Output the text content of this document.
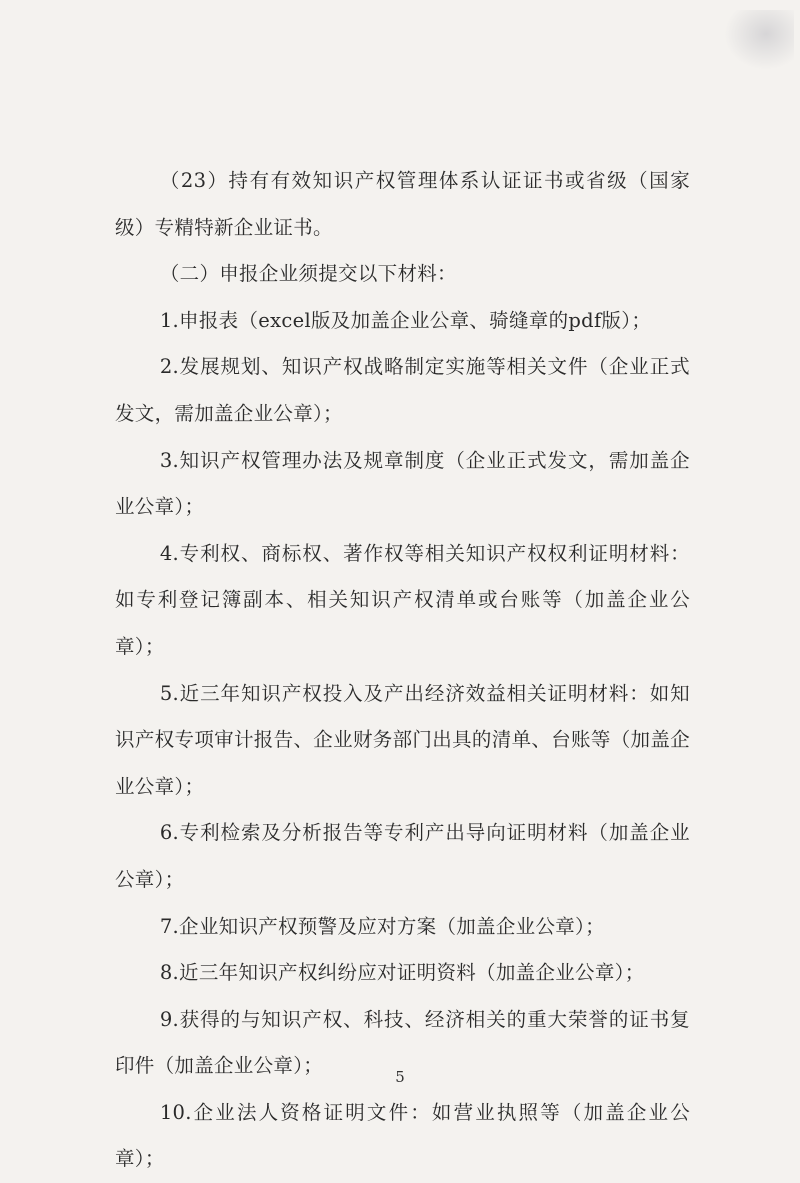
（23）持有有效知识产权管理体系认证证书或省级（国家级）专精特新企业证书。

（二）申报企业须提交以下材料：

1.申报表（excel版及加盖企业公章、骑缝章的pdf版）；

2.发展规划、知识产权战略制定实施等相关文件（企业正式发文，需加盖企业公章）；

3.知识产权管理办法及规章制度（企业正式发文，需加盖企业公章）；

4.专利权、商标权、著作权等相关知识产权权利证明材料：如专利登记簿副本、相关知识产权清单或台账等（加盖企业公章）；

5.近三年知识产权投入及产出经济效益相关证明材料：如知识产权专项审计报告、企业财务部门出具的清单、台账等（加盖企业公章）；

6.专利检索及分析报告等专利产出导向证明材料（加盖企业公章）；

7.企业知识产权预警及应对方案（加盖企业公章）；

8.近三年知识产权纠纷应对证明资料（加盖企业公章）；

9.获得的与知识产权、科技、经济相关的重大荣誉的证书复印件（加盖企业公章）；

10.企业法人资格证明文件：如营业执照等（加盖企业公章）；

5
